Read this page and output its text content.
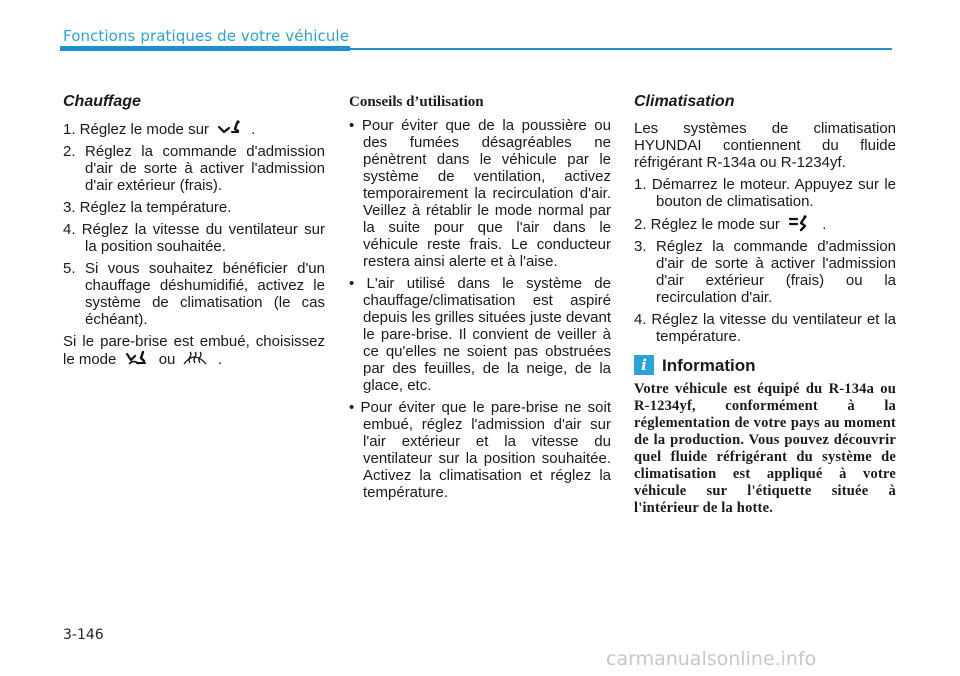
Fonctions pratiques de votre véhicule
Chauffage
1. Réglez le mode sur	.
2. Réglez la commande d'admission d'air de sorte à activer l'admission d'air extérieur (frais).
3. Réglez la température.
4. Réglez la vitesse du ventilateur sur la position souhaitée.
5. Si vous souhaitez bénéficier d'un chauffage déshumidifié, activez le système de climatisation (le cas échéant).
Si le pare-brise est embué, choisissez le mode	ou	.
Conseils d’utilisation
• Pour éviter que de la poussière ou des fumées désagréables ne pénètrent dans le véhicule par le système de ventilation, activez temporairement la recirculation d'air. Veillez à rétablir le mode normal par la suite pour que l'air dans le véhicule reste frais. Le conducteur restera ainsi alerte et à l'aise.
• L'air utilisé dans le système de chauffage/climatisation est aspiré depuis les grilles situées juste devant le pare-brise. Il convient de veiller à ce qu'elles ne soient pas obstruées par des feuilles, de la neige, de la glace, etc.
• Pour éviter que le pare-brise ne soit embué, réglez l'admission d'air sur l'air extérieur et la vitesse du ventilateur sur la position souhaitée. Activez la climatisation et réglez la température.
Climatisation
Les systèmes de climatisation HYUNDAI contiennent du fluide réfrigérant R-134a ou R-1234yf.
1. Démarrez le moteur. Appuyez sur le bouton de climatisation.
2. Réglez le mode sur	.
3. Réglez la commande d'admission d'air de sorte à activer l'admission d'air extérieur (frais) ou la recirculation d'air.
4. Réglez la vitesse du ventilateur et la température.
i Information
Votre véhicule est équipé du R-134a ou R-1234yf, conformément à la réglementation de votre pays au moment de la production. Vous pouvez découvrir quel fluide réfrigérant du système de climatisation est appliqué à votre véhicule sur l'étiquette située à l'intérieur de la hotte.
3-146
carmanualsonline.info
